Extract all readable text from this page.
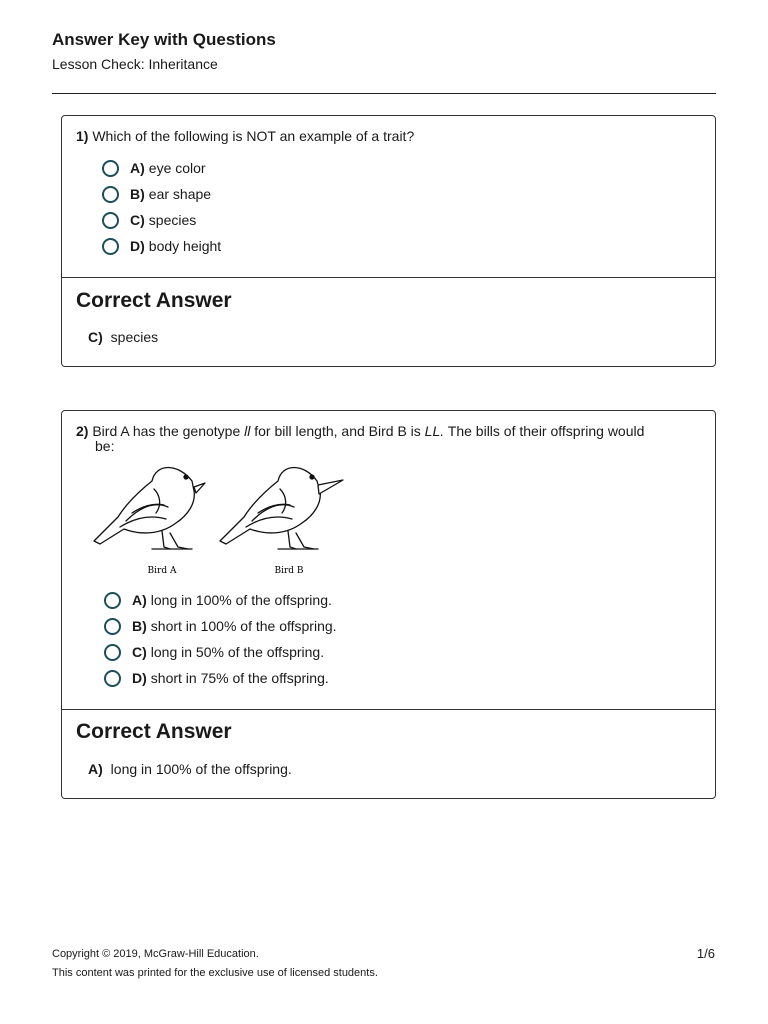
Answer Key with Questions
Lesson Check: Inheritance
1) Which of the following is NOT an example of a trait?
A) eye color
B) ear shape
C) species
D) body height
Correct Answer
C) species
2) Bird A has the genotype ll for bill length, and Bird B is LL. The bills of their offspring would
be:
Bird A	Bird B
A) long in 100% of the offspring.
B) short in 100% of the offspring.
C) long in 50% of the offspring.
D) short in 75% of the offspring.
Correct Answer
A) long in 100% of the offspring.
Copyright © 2019, McGraw-Hill Education.
This content was printed for the exclusive use of licensed students.
1/6
